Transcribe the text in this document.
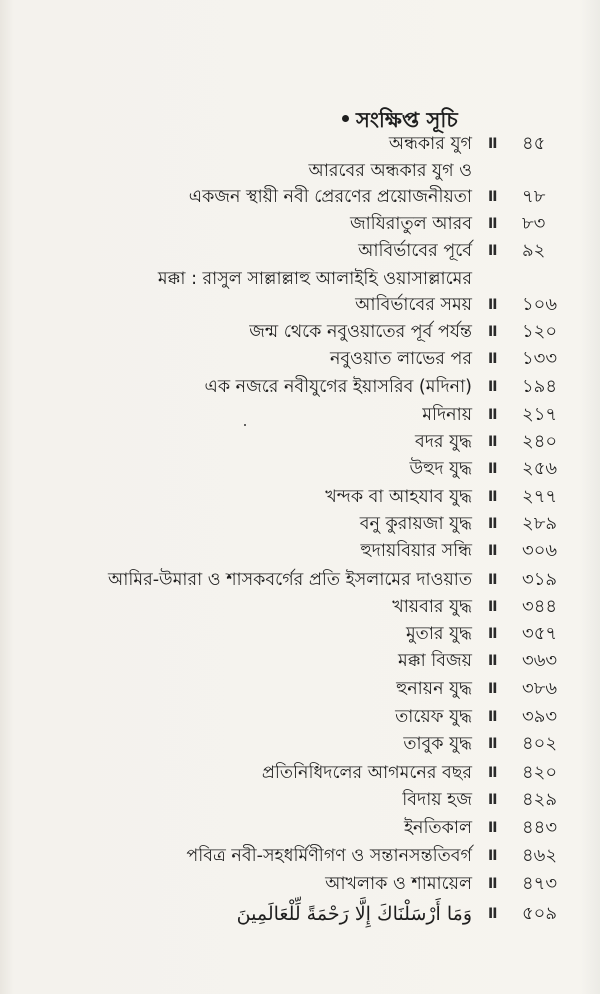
সংক্ষিপ্ত সূচি
অন্ধকার যুগ II ৪৫
আরবের অন্ধকার যুগ ও
একজন স্থায়ী নবী প্রেরণের প্রয়োজনীয়তা II ৭৮
জাযিরাতুল আরব II ৮৩
আবির্ভাবের পূর্বে II ৯২
মক্কা : রাসুল সাল্লাল্লাহু আলাইহি ওয়াসাল্লামের
আবির্ভাবের সময় II ১০৬
জন্ম থেকে নবুওয়াতের পূর্ব পর্যন্ত II ১২০
নবুওয়াত লাভের পর II ১৩৩
এক নজরে নবীযুগের ইয়াসরিব (মদিনা) II ১৯৪
মদিনায় II ২১৭
বদর যুদ্ধ II ২৪০
উহুদ যুদ্ধ II ২৫৬
খন্দক বা আহযাব যুদ্ধ II ২৭৭
বনু কুরায়জা যুদ্ধ II ২৮৯
হুদায়বিয়ার সন্ধি II ৩০৬
আমির-উমারা ও শাসকবর্গের প্রতি ইসলামের দাওয়াত II ৩১৯
খায়বার যুদ্ধ II ৩৪৪
মুতার যুদ্ধ II ৩৫৭
মক্কা বিজয় II ৩৬৩
হুনায়ন যুদ্ধ II ৩৮৬
তায়েফ যুদ্ধ II ৩৯৩
তাবুক যুদ্ধ II ৪০২
প্রতিনিধিদলের আগমনের বছর II ৪২০
বিদায় হজ II ৪২৯
ইনতিকাল II ৪৪৩
পবিত্র নবী-সহধর্মিণীগণ ও সন্তানসন্ততিবর্গ II ৪৬২
আখলাক ও শামায়েল II ৪৭৩
وَمَا أَرْسَلْنَاكَ إِلَّا رَحْمَةً لِّلْعَالَمِينَ II ৫০৯
